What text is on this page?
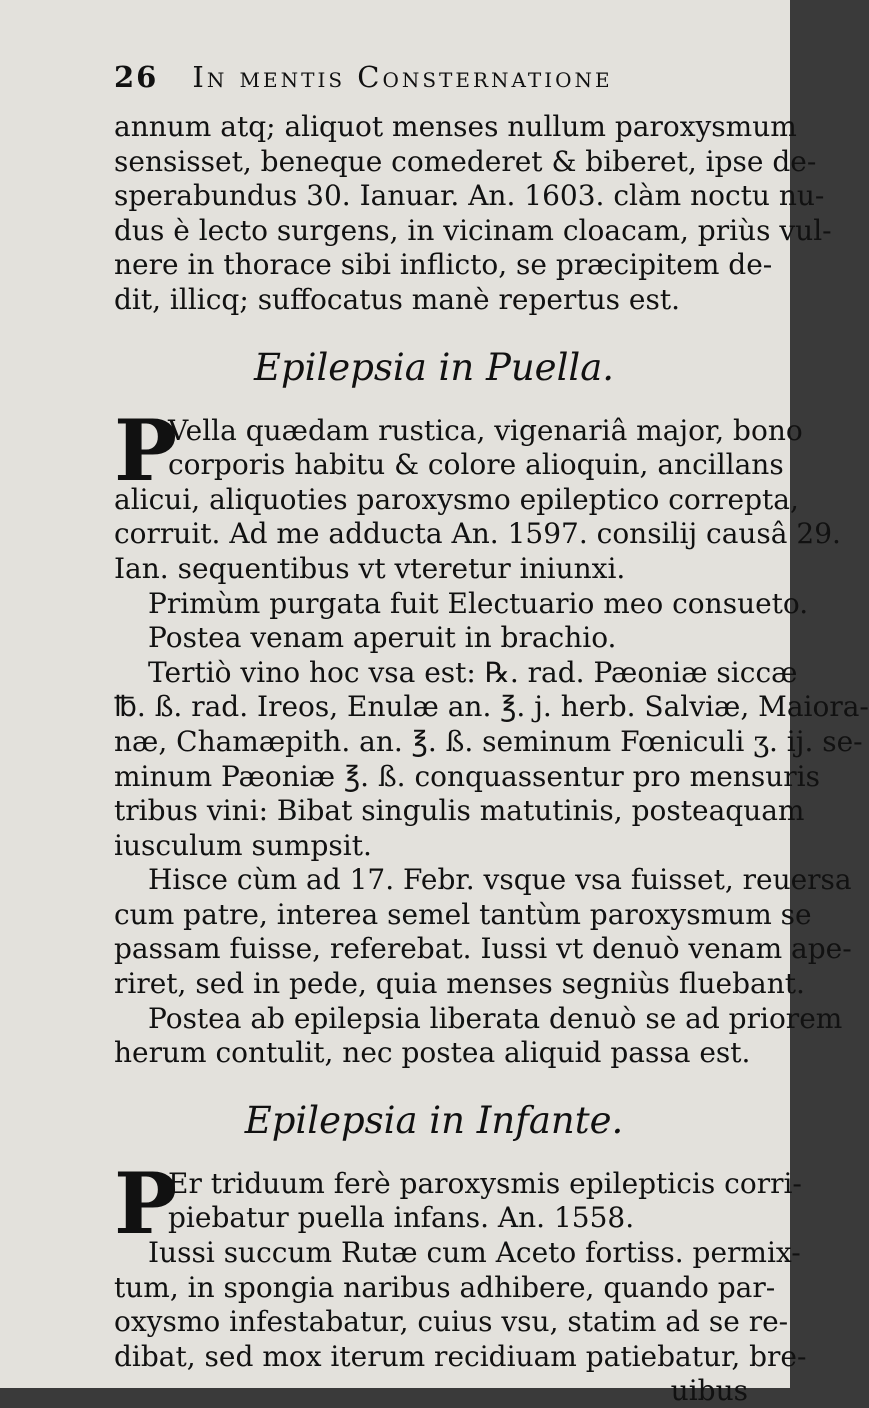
26 In mentis Consternatione
annum atq; aliquot menses nullum paroxysmum
sensisset, beneque comederet & biberet, ipse de-
sperabundus 30. Ianuar. An. 1603. clàm noctu nu-
dus è lecto surgens, in vicinam cloacam, priùs vul-
nere in thorace sibi inflicto, se præcipitem de-
dit, illicq; suffocatus manè repertus est.
Epilepsia in Puella.
P
Vella quædam rustica, vigenariâ major, bono
corporis habitu & colore alioquin, ancillans
alicui, aliquoties paroxysmo epileptico correpta,
corruit. Ad me adducta An. 1597. consilij causâ 29.
Ian. sequentibus vt vteretur iniunxi.
Primùm purgata fuit Electuario meo consueto.
Postea venam aperuit in brachio.
Tertiò vino hoc vsa est: ℞. rad. Pæoniæ siccæ
℔. ß. rad. Ireos, Enulæ an. ℥. j. herb. Salviæ, Maiora-
næ, Chamæpith. an. ℥. ß. seminum Fœniculi ʒ. ij. se-
minum Pæoniæ ℥. ß. conquassentur pro mensuris
tribus vini: Bibat singulis matutinis, posteaquam
iusculum sumpsit.
Hisce cùm ad 17. Febr. vsque vsa fuisset, reuersa
cum patre, interea semel tantùm paroxysmum se
passam fuisse, referebat. Iussi vt denuò venam ape-
riret, sed in pede, quia menses segniùs fluebant.
Postea ab epilepsia liberata denuò se ad priorem
herum contulit, nec postea aliquid passa est.
Epilepsia in Infante.
P
Er triduum ferè paroxysmis epilepticis corri-
piebatur puella infans. An. 1558.
Iussi succum Rutæ cum Aceto fortiss. permix-
tum, in spongia naribus adhibere, quando par-
oxysmo infestabatur, cuius vsu, statim ad se re-
dibat, sed mox iterum recidiuam patiebatur, bre-
uibus
